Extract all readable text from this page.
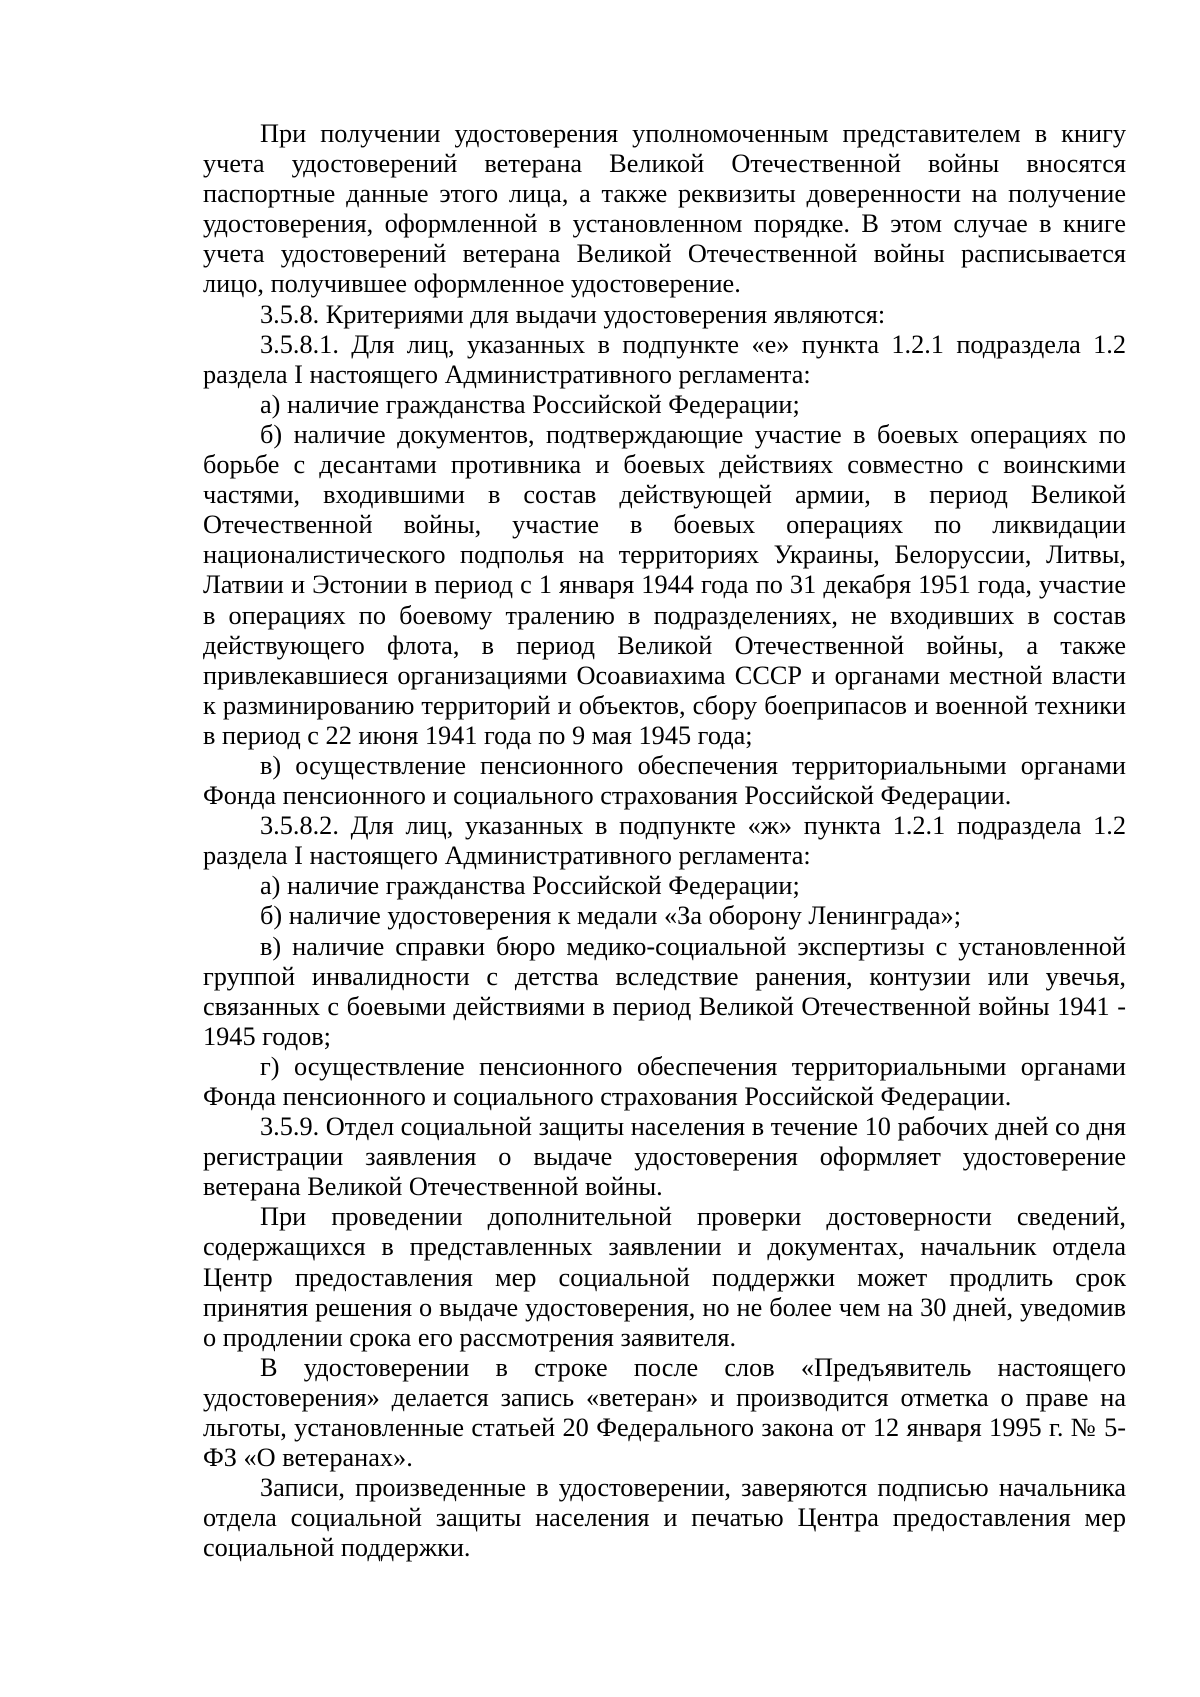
При получении удостоверения уполномоченным представителем в книгу учета удостоверений ветерана Великой Отечественной войны вносятся паспортные данные этого лица, а также реквизиты доверенности на получение удостоверения, оформленной в установленном порядке. В этом случае в книге учета удостоверений ветерана Великой Отечественной войны расписывается лицо, получившее оформленное удостоверение.

3.5.8. Критериями для выдачи удостоверения являются:

3.5.8.1. Для лиц, указанных в подпункте «е» пункта 1.2.1 подраздела 1.2 раздела I настоящего Административного регламента:

а) наличие гражданства Российской Федерации;

б) наличие документов, подтверждающие участие в боевых операциях по борьбе с десантами противника и боевых действиях совместно с воинскими частями, входившими в состав действующей армии, в период Великой Отечественной войны, участие в боевых операциях по ликвидации националистического подполья на территориях Украины, Белоруссии, Литвы, Латвии и Эстонии в период с 1 января 1944 года по 31 декабря 1951 года, участие в операциях по боевому тралению в подразделениях, не входивших в состав действующего флота, в период Великой Отечественной войны, а также привлекавшиеся организациями Осоавиахима СССР и органами местной власти к разминированию территорий и объектов, сбору боеприпасов и военной техники в период с 22 июня 1941 года по 9 мая 1945 года;

в) осуществление пенсионного обеспечения территориальными органами Фонда пенсионного и социального страхования Российской Федерации.

3.5.8.2. Для лиц, указанных в подпункте «ж» пункта 1.2.1 подраздела 1.2 раздела I настоящего Административного регламента:

а) наличие гражданства Российской Федерации;

б) наличие удостоверения к медали «За оборону Ленинграда»;

в) наличие справки бюро медико-социальной экспертизы с установленной группой инвалидности с детства вследствие ранения, контузии или увечья, связанных с боевыми действиями в период Великой Отечественной войны 1941 - 1945 годов;

г) осуществление пенсионного обеспечения территориальными органами Фонда пенсионного и социального страхования Российской Федерации.

3.5.9. Отдел социальной защиты населения в течение 10 рабочих дней со дня регистрации заявления о выдаче удостоверения оформляет удостоверение ветерана Великой Отечественной войны.

При проведении дополнительной проверки достоверности сведений, содержащихся в представленных заявлении и документах, начальник отдела Центр предоставления мер социальной поддержки может продлить срок принятия решения о выдаче удостоверения, но не более чем на 30 дней, уведомив о продлении срока его рассмотрения заявителя.

В удостоверении в строке после слов «Предъявитель настоящего удостоверения» делается запись «ветеран» и производится отметка о праве на льготы, установленные статьей 20 Федерального закона от 12 января 1995 г. № 5-ФЗ «О ветеранах».

Записи, произведенные в удостоверении, заверяются подписью начальника отдела социальной защиты населения и печатью Центра предоставления мер социальной поддержки.
